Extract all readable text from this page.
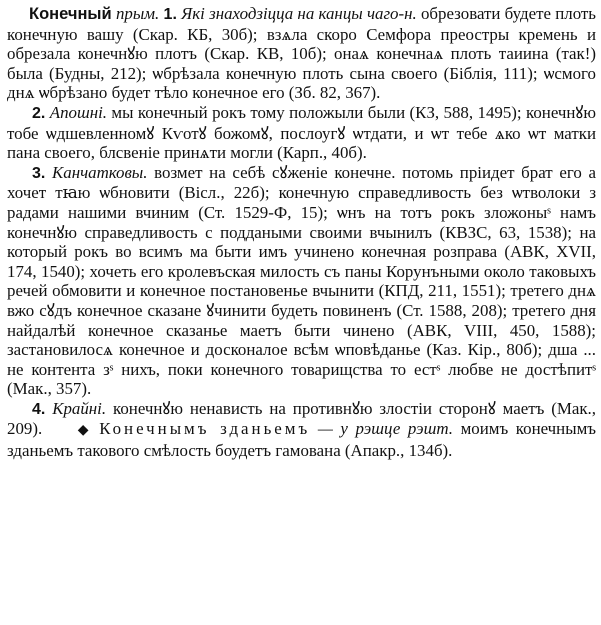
Конечный прым. 1. Які знаходзіцца на канцы чаго-н. обрезовати будете плоть конечную вашу (Скар. КБ, 30б); взѧла скоро Семфора преостры кремень и обрезала конечнꙋю плотъ (Скар. КВ, 10б); онаѧ конечнаѧ плоть таиина (так!) была (Будны, 212); ѡбрѣзала конечную плоть сына своего (Біблія, 111); ѡсмого днѧ ѡбрѣзано будет тѣло конечное его (Зб. 82, 367).

2. Апошні. мы конечный рокъ тому положыли были (КЗ, 588, 1495); конечнꙋю тобе ѡдшевленномꙋ Кѵотꙋ божомꙋ, послоугꙋ ѡтдати, и ѡт тебе ѧко ѡт матки пана своего, блсвеніе принѧти могли (Карп., 40б).

3. Канчатковы. возмет на себѣ сꙋженіе конечне. потомь пріидет брат его а хочет тꙗю ѡбновити (Вісл., 22б); конечную справедливость без ѡтволоки з радами нашими вчиним (Ст. 1529-Ф, 15); ѡнъ на тотъ рокъ зложоныˢ намъ конечнꙋю справедливость с поддаными своими вчынилъ (КВЗС, 63, 1538); на который рокъ во всимъ ма быти имъ учинено конечная розправа (АВК, XVII, 174, 1540); хочеть его кролевъская милость съ паны Корунъными около таковыхъ речей обмовити и конечное постановенье вчынити (КПД, 211, 1551); третего днѧ вжо сꙋдъ конечное сказане ꙋчинити будеть повиненъ (Ст. 1588, 208); третего дня найдалѣй конечное сказанье маетъ быти чинено (АВК, VIII, 450, 1588); застановилосѧ конечное и досконалое всѣм ѡповѣданье (Каз. Кір., 80б); дша ... не контента зˢ нихъ, поки конечного товарищства то естˢ любве не достѣпитˢ (Мак., 357).

4. Крайні. конечнꙋю ненависть на противнꙋю злостіи сторонꙋ маетъ (Мак., 209).	◆ Конечнымъ зданьемъ — у рэшце рэшт. моимъ конечнымъ зданьемъ такового смѣлость боудетъ гамована (Апакр., 134б).
